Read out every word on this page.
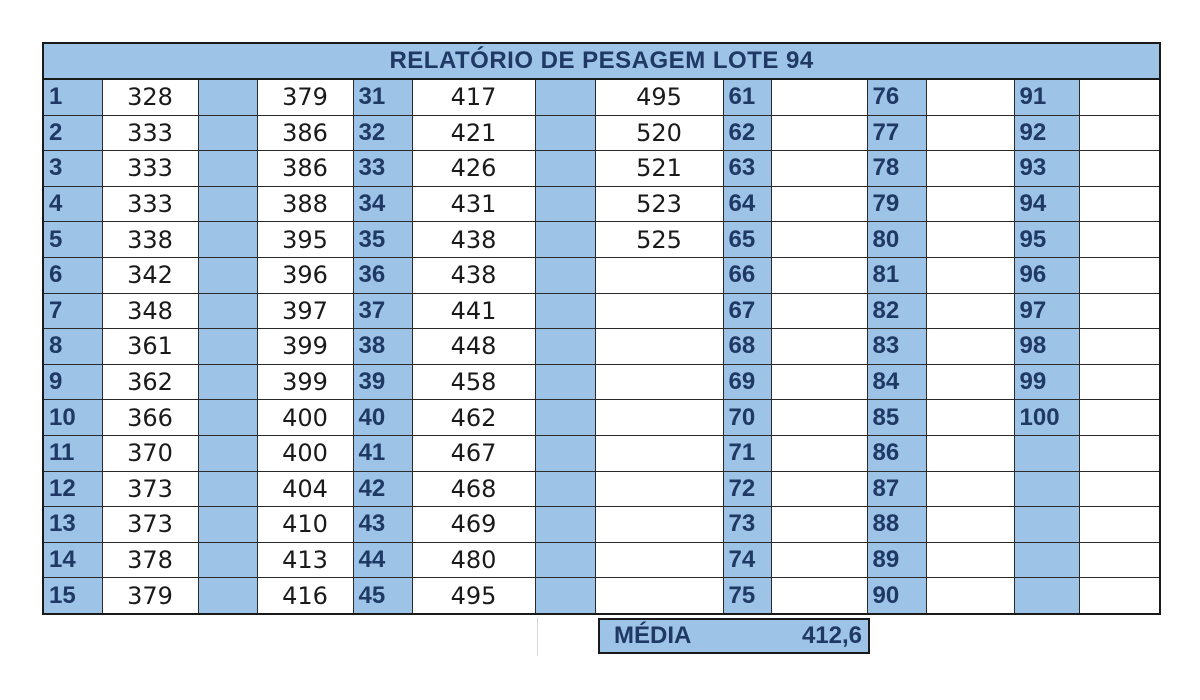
RELATÓRIO DE PESAGEM LOTE 94													
1	328		379	31	417		495	61		76		91	
2	333		386	32	421		520	62		77		92	
3	333		386	33	426		521	63		78		93	
4	333		388	34	431		523	64		79		94	
5	338		395	35	438		525	65		80		95	
6	342		396	36	438			66		81		96	
7	348		397	37	441			67		82		97	
8	361		399	38	448			68		83		98	
9	362		399	39	458			69		84		99	
10	366		400	40	462			70		85		100	
11	370		400	41	467			71		86			
12	373		404	42	468			72		87			
13	373		410	43	469			73		88			
14	378		413	44	480			74		89			
15	379		416	45	495			75		90			
MÉDIA	412,6
